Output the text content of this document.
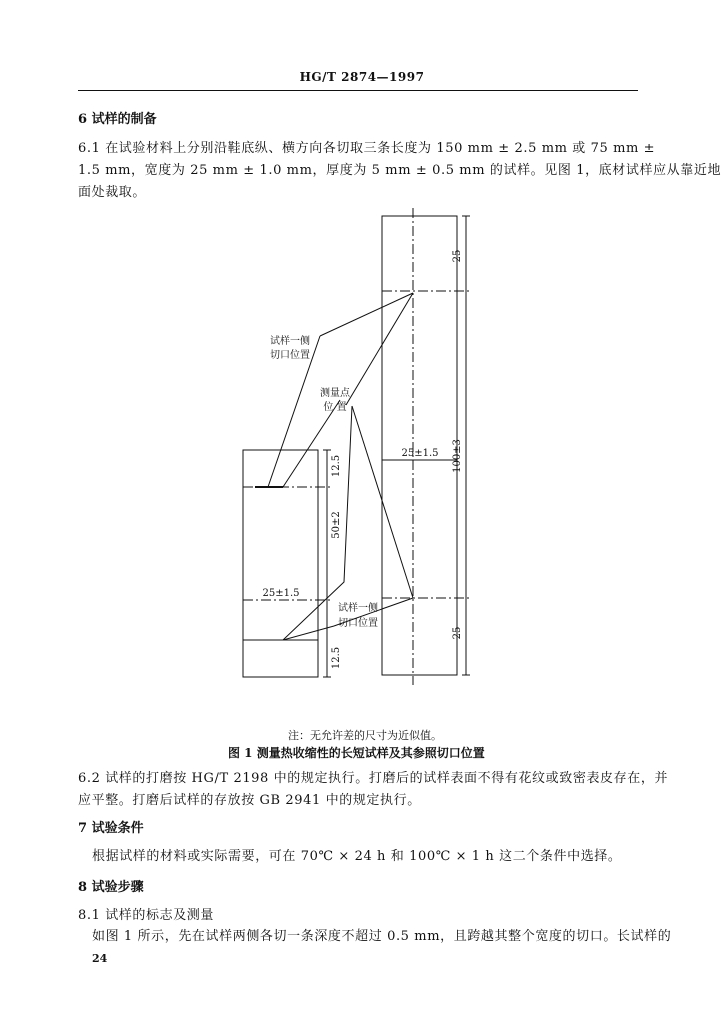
HG/T 2874—1997
6 试样的制备
6.1 在试验材料上分别沿鞋底纵、横方向各切取三条长度为 150 mm ± 2.5 mm 或 75 mm ±
1.5 mm，宽度为 25 mm ± 1.0 mm，厚度为 5 mm ± 0.5 mm 的试样。见图 1，底材试样应从靠近地
面处裁取。
试样一侧
切口位置
测量点
位 置
试样一侧
切口位置
25±1.5
25±1.5
25
100±3
25
12.5
50±2
12.5
注：无允许差的尺寸为近似值。
图 1 测量热收缩性的长短试样及其参照切口位置
6.2 试样的打磨按 HG/T 2198 中的规定执行。打磨后的试样表面不得有花纹或致密表皮存在，并
应平整。打磨后试样的存放按 GB 2941 中的规定执行。
7 试验条件
根据试样的材料或实际需要，可在 70℃ × 24 h 和 100℃ × 1 h 这二个条件中选择。
8 试验步骤
8.1 试样的标志及测量
如图 1 所示，先在试样两侧各切一条深度不超过 0.5 mm，且跨越其整个宽度的切口。长试样的
24
